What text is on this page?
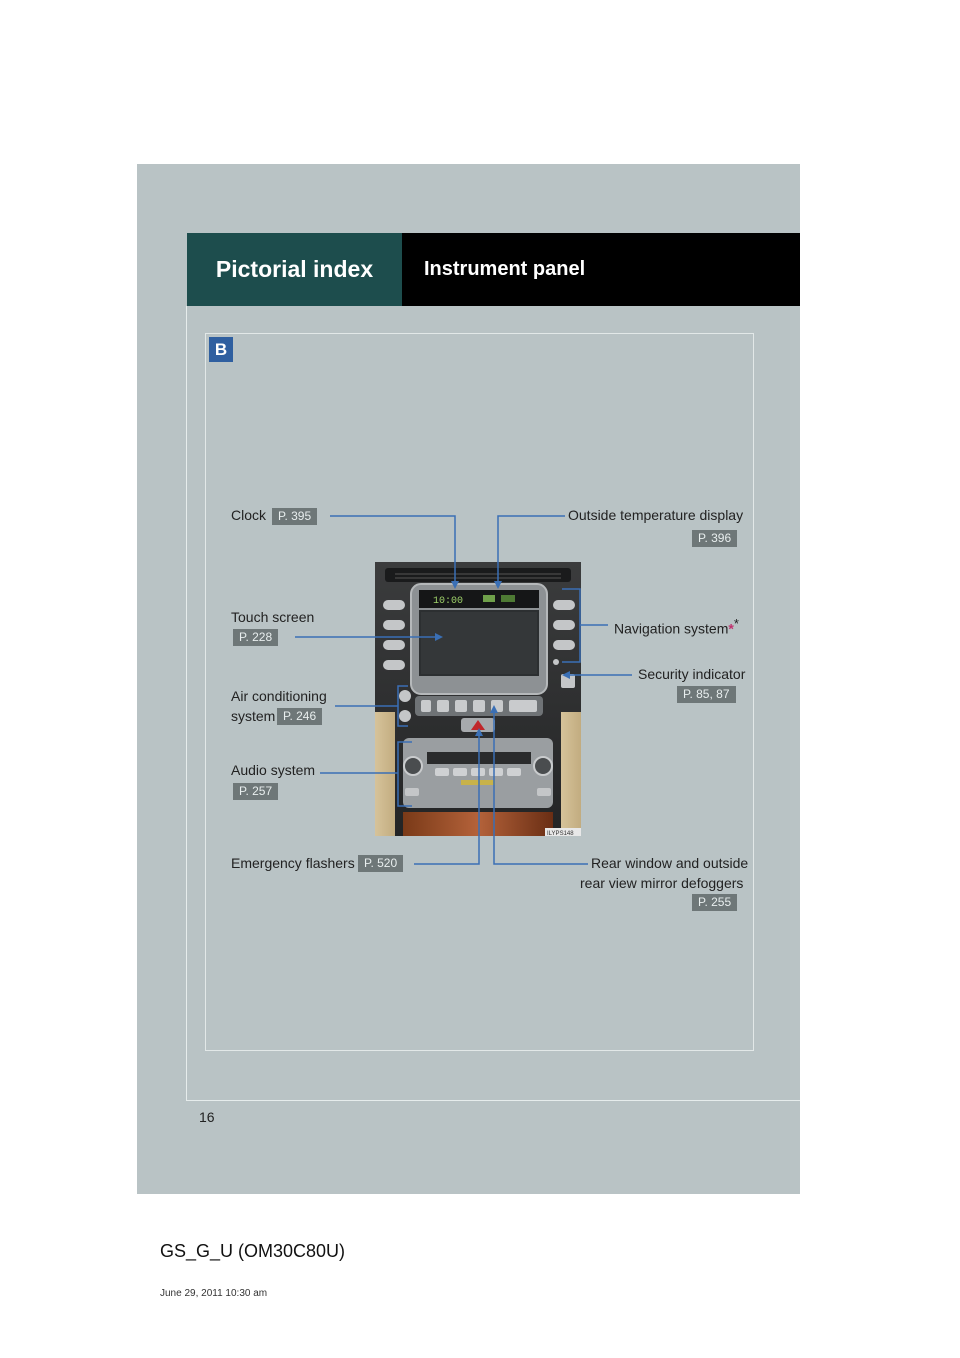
Pictorial index	Instrument panel
B
10:00
ILYPS148
Clock P. 395	Outside temperature display
P. 396
Touch screen
P. 228
Navigation system**
Security indicator
P. 85, 87
Air conditioning
system P. 246
Audio system
P. 257
Emergency flashers P. 520	Rear window and outside
rear view mirror defoggers
P. 255
16
GS_G_U (OM30C80U)
June 29, 2011 10:30 am
